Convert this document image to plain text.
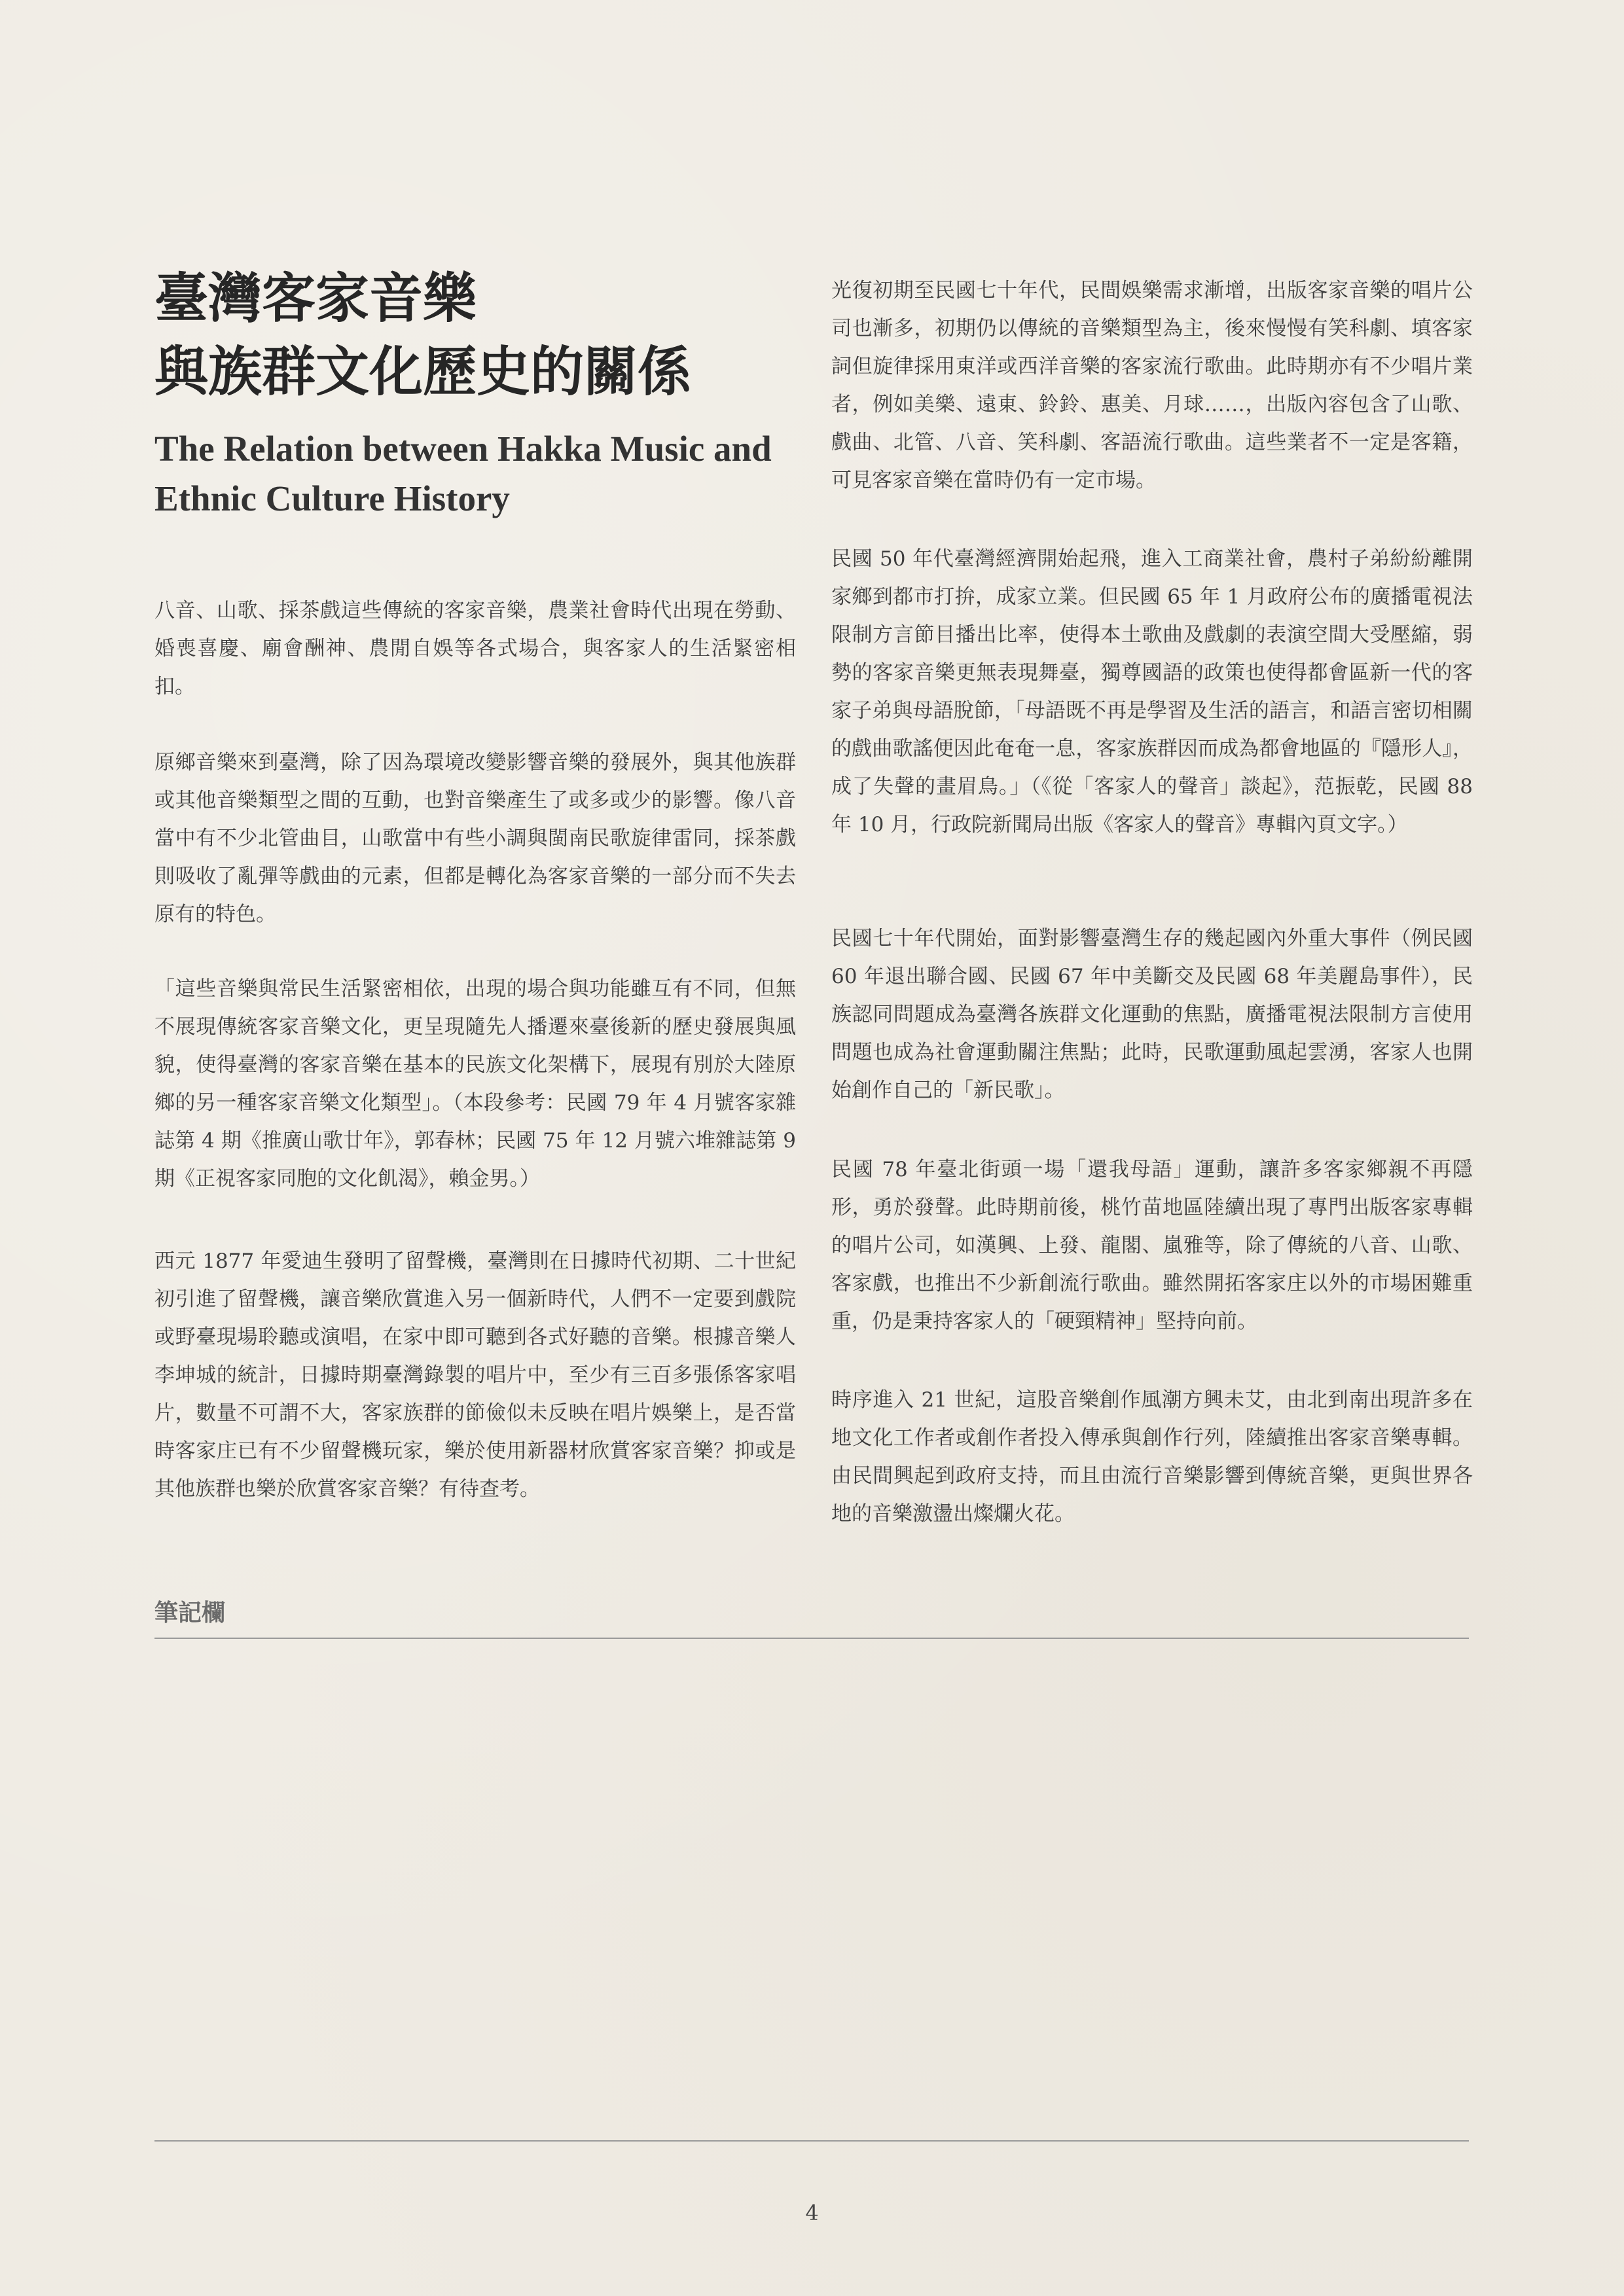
臺灣客家音樂
與族群文化歷史的關係
The Relation between Hakka Music and
Ethnic Culture History

八音、山歌、採茶戲這些傳統的客家音樂，農業社會時代出現在勞動、婚喪喜慶、廟會酬神、農閒自娛等各式場合，與客家人的生活緊密相扣。

原鄉音樂來到臺灣，除了因為環境改變影響音樂的發展外，與其他族群或其他音樂類型之間的互動，也對音樂產生了或多或少的影響。像八音當中有不少北管曲目，山歌當中有些小調與閩南民歌旋律雷同，採茶戲則吸收了亂彈等戲曲的元素，但都是轉化為客家音樂的一部分而不失去原有的特色。

「這些音樂與常民生活緊密相依，出現的場合與功能雖互有不同，但無不展現傳統客家音樂文化，更呈現隨先人播遷來臺後新的歷史發展與風貌，使得臺灣的客家音樂在基本的民族文化架構下，展現有別於大陸原鄉的另一種客家音樂文化類型」。（本段參考：民國 79 年 4 月號客家雜誌第 4 期《推廣山歌廿年》，郭春林；民國 75 年 12 月號六堆雜誌第 9 期《正視客家同胞的文化飢渴》，賴金男。）

西元 1877 年愛迪生發明了留聲機，臺灣則在日據時代初期、二十世紀初引進了留聲機，讓音樂欣賞進入另一個新時代，人們不一定要到戲院或野臺現場聆聽或演唱，在家中即可聽到各式好聽的音樂。根據音樂人李坤城的統計，日據時期臺灣錄製的唱片中，至少有三百多張係客家唱片，數量不可謂不大，客家族群的節儉似未反映在唱片娛樂上，是否當時客家庄已有不少留聲機玩家，樂於使用新器材欣賞客家音樂？抑或是其他族群也樂於欣賞客家音樂？有待查考。

光復初期至民國七十年代，民間娛樂需求漸增，出版客家音樂的唱片公司也漸多，初期仍以傳統的音樂類型為主，後來慢慢有笑科劇、填客家詞但旋律採用東洋或西洋音樂的客家流行歌曲。此時期亦有不少唱片業者，例如美樂、遠東、鈴鈴、惠美、月球……，出版內容包含了山歌、戲曲、北管、八音、笑科劇、客語流行歌曲。這些業者不一定是客籍，可見客家音樂在當時仍有一定市場。

民國 50 年代臺灣經濟開始起飛，進入工商業社會，農村子弟紛紛離開家鄉到都市打拚，成家立業。但民國 65 年 1 月政府公布的廣播電視法限制方言節目播出比率，使得本土歌曲及戲劇的表演空間大受壓縮，弱勢的客家音樂更無表現舞臺，獨尊國語的政策也使得都會區新一代的客家子弟與母語脫節，「母語既不再是學習及生活的語言，和語言密切相關的戲曲歌謠便因此奄奄一息，客家族群因而成為都會地區的『隱形人』，成了失聲的畫眉鳥。」（《從「客家人的聲音」談起》，范振乾，民國 88 年 10 月，行政院新聞局出版《客家人的聲音》專輯內頁文字。）

民國七十年代開始，面對影響臺灣生存的幾起國內外重大事件（例民國 60 年退出聯合國、民國 67 年中美斷交及民國 68 年美麗島事件），民族認同問題成為臺灣各族群文化運動的焦點，廣播電視法限制方言使用問題也成為社會運動關注焦點；此時，民歌運動風起雲湧，客家人也開始創作自己的「新民歌」。

民國 78 年臺北街頭一場「還我母語」運動，讓許多客家鄉親不再隱形，勇於發聲。此時期前後，桃竹苗地區陸續出現了專門出版客家專輯的唱片公司，如漢興、上發、龍閣、嵐雅等，除了傳統的八音、山歌、客家戲，也推出不少新創流行歌曲。雖然開拓客家庄以外的市場困難重重，仍是秉持客家人的「硬頸精神」堅持向前。

時序進入 21 世紀，這股音樂創作風潮方興未艾，由北到南出現許多在地文化工作者或創作者投入傳承與創作行列，陸續推出客家音樂專輯。由民間興起到政府支持，而且由流行音樂影響到傳統音樂，更與世界各地的音樂激盪出燦爛火花。

筆記欄

4
